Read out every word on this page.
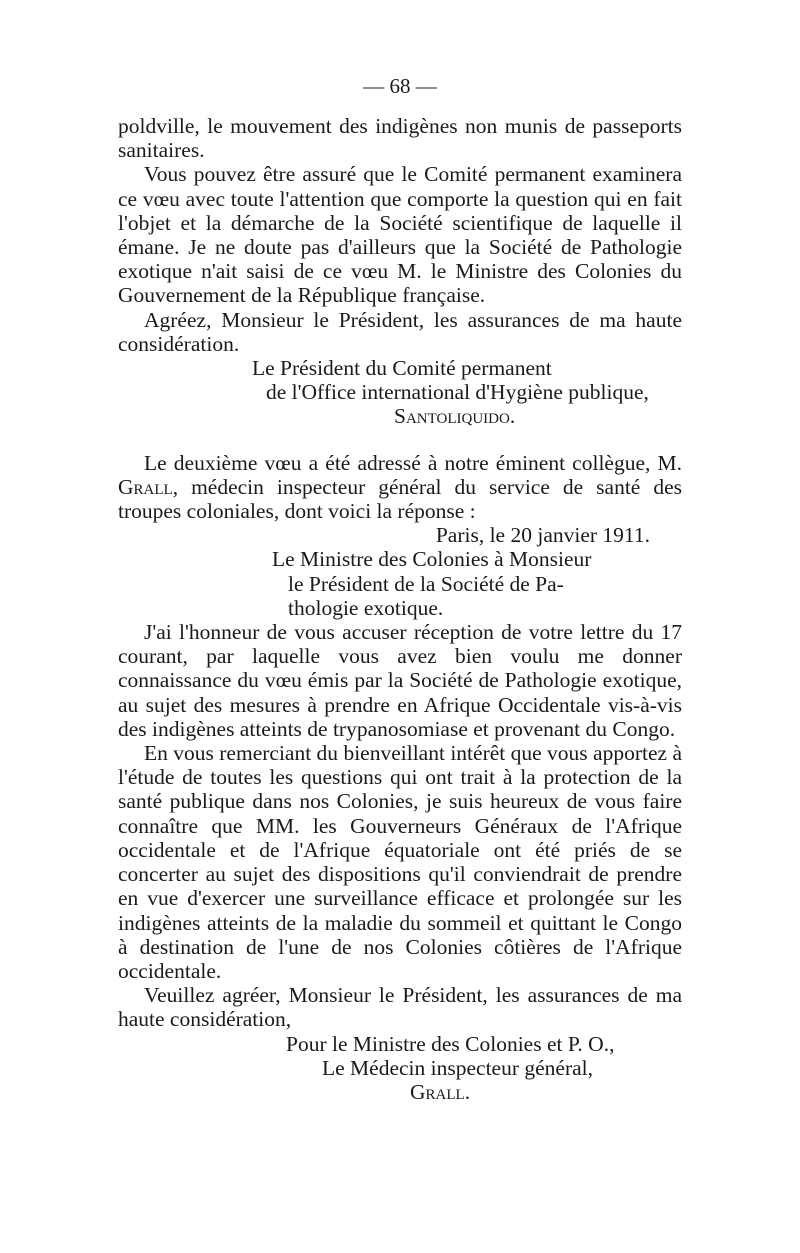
— 68 —

poldville, le mouvement des indigènes non munis de passeports sanitaires.

Vous pouvez être assuré que le Comité permanent examinera ce vœu avec toute l'attention que comporte la question qui en fait l'objet et la démarche de la Société scientifique de laquelle il émane. Je ne doute pas d'ailleurs que la Société de Pathologie exotique n'ait saisi de ce vœu M. le Ministre des Colonies du Gouvernement de la République française.

Agréez, Monsieur le Président, les assurances de ma haute considération.

Le Président du Comité permanent

de l'Office international d'Hygiène publique,

Santoliquido.

Le deuxième vœu a été adressé à notre éminent collègue, M. Grall, médecin inspecteur général du service de santé des troupes coloniales, dont voici la réponse :

Paris, le 20 janvier 1911.

Le Ministre des Colonies à Monsieur

le Président de la Société de Pa-

thologie exotique.

J'ai l'honneur de vous accuser réception de votre lettre du 17 courant, par laquelle vous avez bien voulu me donner connaissance du vœu émis par la Société de Pathologie exotique, au sujet des mesures à prendre en Afrique Occidentale vis-à-vis des indigènes atteints de trypanosomiase et provenant du Congo.

En vous remerciant du bienveillant intérêt que vous apportez à l'étude de toutes les questions qui ont trait à la protection de la santé publique dans nos Colonies, je suis heureux de vous faire connaître que MM. les Gouverneurs Généraux de l'Afrique occidentale et de l'Afrique équatoriale ont été priés de se concerter au sujet des dispositions qu'il conviendrait de prendre en vue d'exercer une surveillance efficace et prolongée sur les indigènes atteints de la maladie du sommeil et quittant le Congo à destination de l'une de nos Colonies côtières de l'Afrique occidentale.

Veuillez agréer, Monsieur le Président, les assurances de ma haute considération,

Pour le Ministre des Colonies et P. O.,

Le Médecin inspecteur général,

Grall.
